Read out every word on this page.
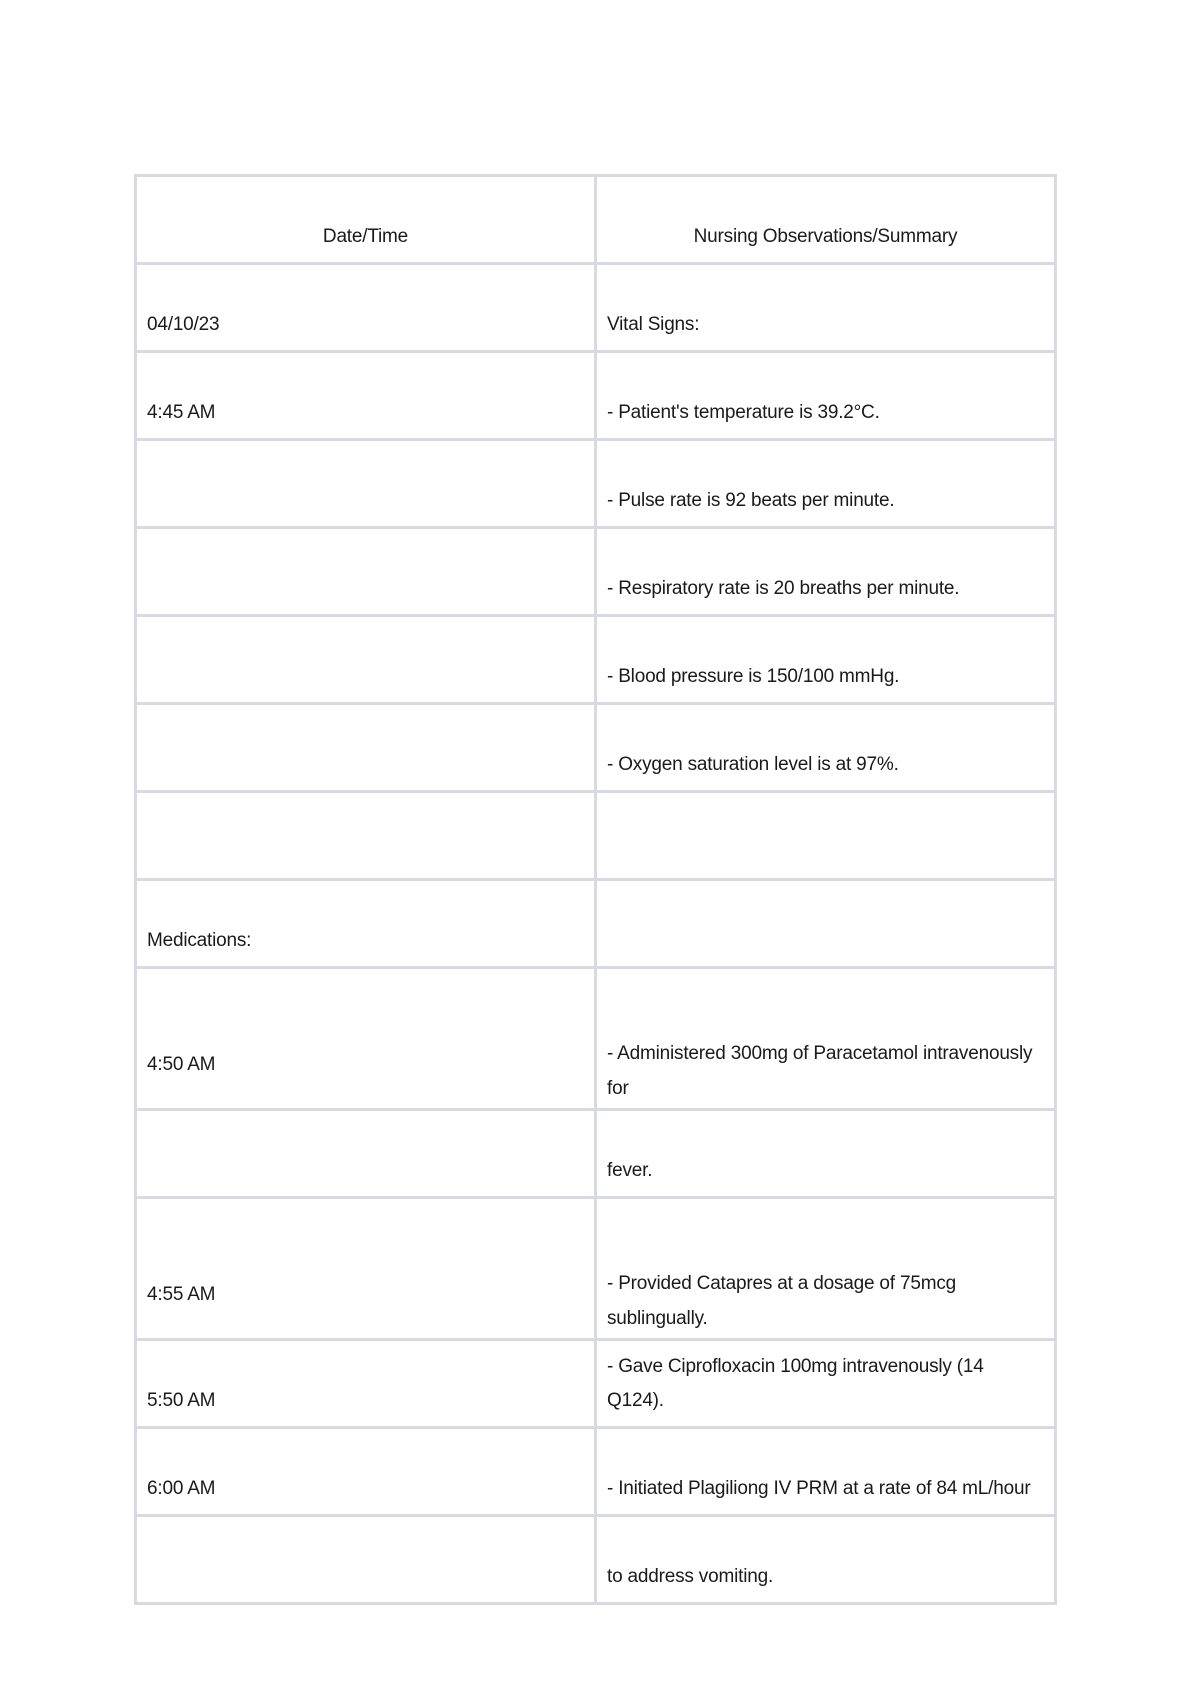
Date/Time	Nursing Observations/Summary
04/10/23	Vital Signs:
4:45 AM	- Patient's temperature is 39.2°C.
	- Pulse rate is 92 beats per minute.
	- Respiratory rate is 20 breaths per minute.
	- Blood pressure is 150/100 mmHg.
	- Oxygen saturation level is at 97%.

Medications:	
4:50 AM	- Administered 300mg of Paracetamol intravenously for
	fever.
4:55 AM	- Provided Catapres at a dosage of 75mcg sublingually.
5:50 AM	- Gave Ciprofloxacin 100mg intravenously (14 Q124).
6:00 AM	- Initiated Plagiliong IV PRM at a rate of 84 mL/hour
	to address vomiting.
